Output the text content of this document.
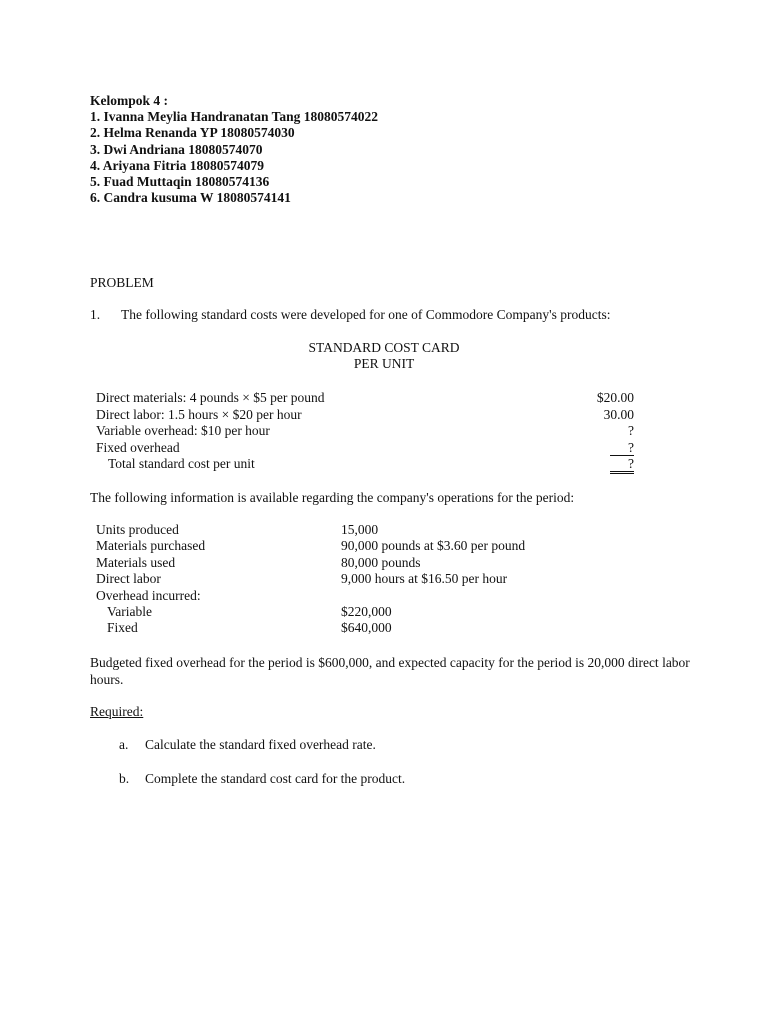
Kelompok 4 :
1. Ivanna Meylia Handranatan Tang 18080574022
2. Helma Renanda YP 18080574030
3. Dwi Andriana 18080574070
4. Ariyana Fitria 18080574079
5. Fuad Muttaqin 18080574136
6. Candra kusuma W 18080574141
PROBLEM
1. The following standard costs were developed for one of Commodore Company's products:
STANDARD COST CARD
PER UNIT
Direct materials: 4 pounds × $5 per pound	$20.00
Direct labor: 1.5 hours × $20 per hour	30.00
Variable overhead: $10 per hour	?
Fixed overhead	?
Total standard cost per unit	?
The following information is available regarding the company's operations for the period:
Units produced	15,000
Materials purchased	90,000 pounds at $3.60 per pound
Materials used	80,000 pounds
Direct labor	9,000 hours at $16.50 per hour
Overhead incurred:
Variable	$220,000
Fixed	$640,000
Budgeted fixed overhead for the period is $600,000, and expected capacity for the period is 20,000 direct labor hours.
Required:
a.	Calculate the standard fixed overhead rate.
b.	Complete the standard cost card for the product.
